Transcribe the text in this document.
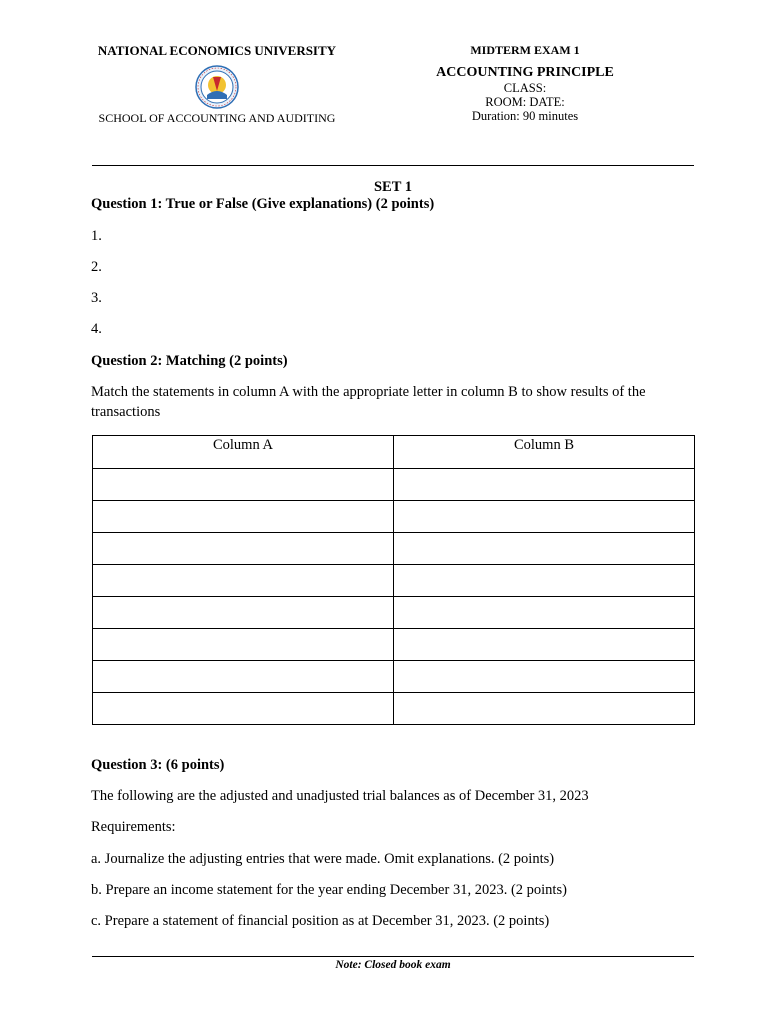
NATIONAL ECONOMICS UNIVERSITY
SCHOOL OF ACCOUNTING AND AUDITING
MIDTERM EXAM 1
ACCOUNTING PRINCIPLE
CLASS:
ROOM: DATE:
Duration: 90 minutes
SET 1
Question 1: True or False (Give explanations) (2 points)
1.
2.
3.
4.
Question 2: Matching (2 points)
Match the statements in column A with the appropriate letter in column B to show results of the transactions
Column A	Column B

Question 3: (6 points)
The following are the adjusted and unadjusted trial balances as of December 31, 2023
Requirements:
a. Journalize the adjusting entries that were made. Omit explanations. (2 points)
b. Prepare an income statement for the year ending December 31, 2023. (2 points)
c. Prepare a statement of financial position as at December 31, 2023. (2 points)
Note: Closed book exam
